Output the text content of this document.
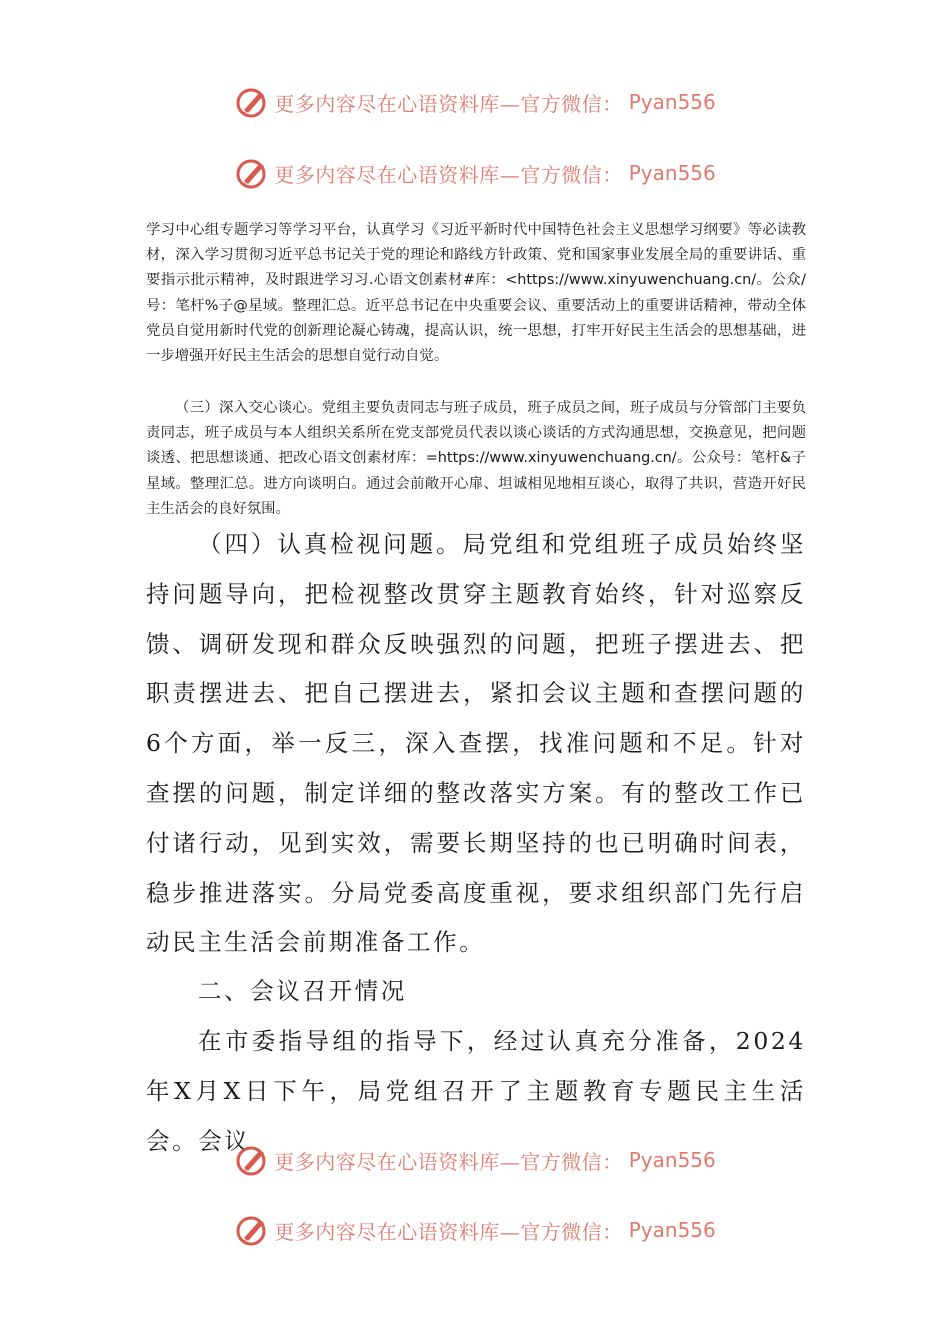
更多内容尽在心语资料库—官方微信： Pyan556
更多内容尽在心语资料库—官方微信： Pyan556

学习中心组专题学习等学习平台，认真学习《习近平新时代中国特色社会主义思想学习纲要》等必读教材，深入学习贯彻习近平总书记关于党的理论和路线方针政策、党和国家事业发展全局的重要讲话、重要指示批示精神，及时跟进学习习.心语文创素材#库：<https://www.xinyuwenchuang.cn/。公众/号：笔杆%子@星域。整理汇总。近平总书记在中央重要会议、重要活动上的重要讲话精神，带动全体党员自觉用新时代党的创新理论凝心铸魂，提高认识，统一思想，打牢开好民主生活会的思想基础，进一步增强开好民主生活会的思想自觉行动自觉。

（三）深入交心谈心。党组主要负责同志与班子成员，班子成员之间，班子成员与分管部门主要负责同志，班子成员与本人组织关系所在党支部党员代表以谈心谈话的方式沟通思想，交换意见，把问题谈透、把思想谈通、把改心语文创素材库：=https://www.xinyuwenchuang.cn/。公众号：笔杆&子星域。整理汇总。进方向谈明白。通过会前敞开心扉、坦诚相见地相互谈心，取得了共识，营造开好民主生活会的良好氛围。

（四）认真检视问题。局党组和党组班子成员始终坚持问题导向，把检视整改贯穿主题教育始终，针对巡察反馈、调研发现和群众反映强烈的问题，把班子摆进去、把职责摆进去、把自己摆进去，紧扣会议主题和查摆问题的6个方面，举一反三，深入查摆，找准问题和不足。针对查摆的问题，制定详细的整改落实方案。有的整改工作已付诸行动，见到实效，需要长期坚持的也已明确时间表，稳步推进落实。分局党委高度重视，要求组织部门先行启动民主生活会前期准备工作。

二、会议召开情况

在市委指导组的指导下，经过认真充分准备，2024年X月X日下午，局党组召开了主题教育专题民主生活会。会议

更多内容尽在心语资料库—官方微信： Pyan556
更多内容尽在心语资料库—官方微信： Pyan556
